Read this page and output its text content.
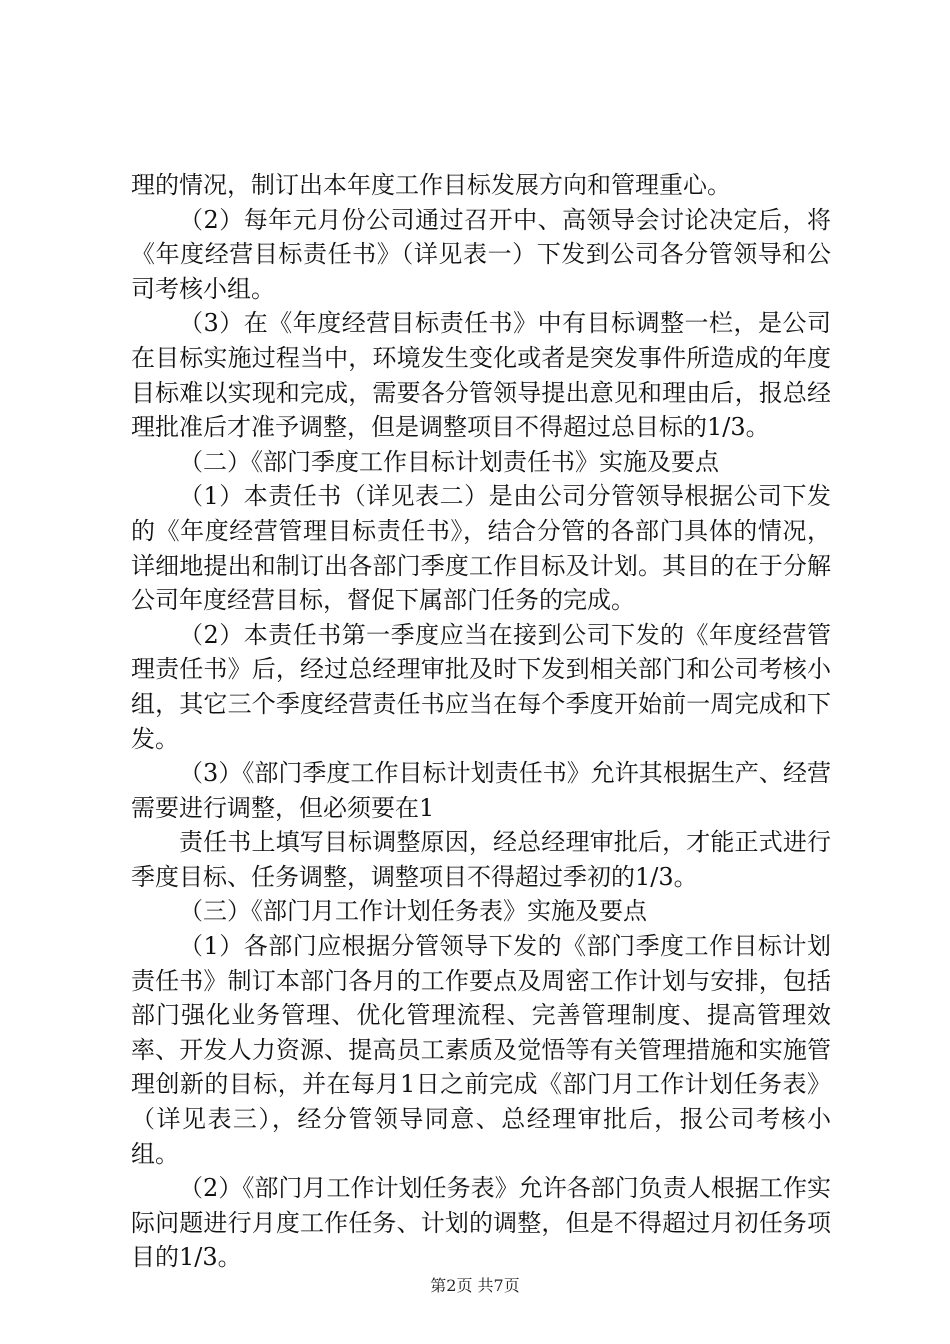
理的情况，制订出本年度工作目标发展方向和管理重心。

（2）每年元月份公司通过召开中、高领导会讨论决定后，将《年度经营目标责任书》（详见表一）下发到公司各分管领导和公司考核小组。

（3）在《年度经营目标责任书》中有目标调整一栏，是公司在目标实施过程当中，环境发生变化或者是突发事件所造成的年度目标难以实现和完成，需要各分管领导提出意见和理由后，报总经理批准后才准予调整，但是调整项目不得超过总目标的1/3。

（二）《部门季度工作目标计划责任书》实施及要点

（1）本责任书（详见表二）是由公司分管领导根据公司下发的《年度经营管理目标责任书》，结合分管的各部门具体的情况，详细地提出和制订出各部门季度工作目标及计划。其目的在于分解公司年度经营目标，督促下属部门任务的完成。

（2）本责任书第一季度应当在接到公司下发的《年度经营管理责任书》后，经过总经理审批及时下发到相关部门和公司考核小组，其它三个季度经营责任书应当在每个季度开始前一周完成和下发。

（3）《部门季度工作目标计划责任书》允许其根据生产、经营需要进行调整，但必须要在1

责任书上填写目标调整原因，经总经理审批后，才能正式进行季度目标、任务调整，调整项目不得超过季初的1/3。

（三）《部门月工作计划任务表》实施及要点

（1）各部门应根据分管领导下发的《部门季度工作目标计划责任书》制订本部门各月的工作要点及周密工作计划与安排，包括部门强化业务管理、优化管理流程、完善管理制度、提高管理效率、开发人力资源、提高员工素质及觉悟等有关管理措施和实施管理创新的目标，并在每月1日之前完成《部门月工作计划任务表》（详见表三），经分管领导同意、总经理审批后，报公司考核小组。

（2）《部门月工作计划任务表》允许各部门负责人根据工作实际问题进行月度工作任务、计划的调整，但是不得超过月初任务项目的1/3。

第2页 共7页
